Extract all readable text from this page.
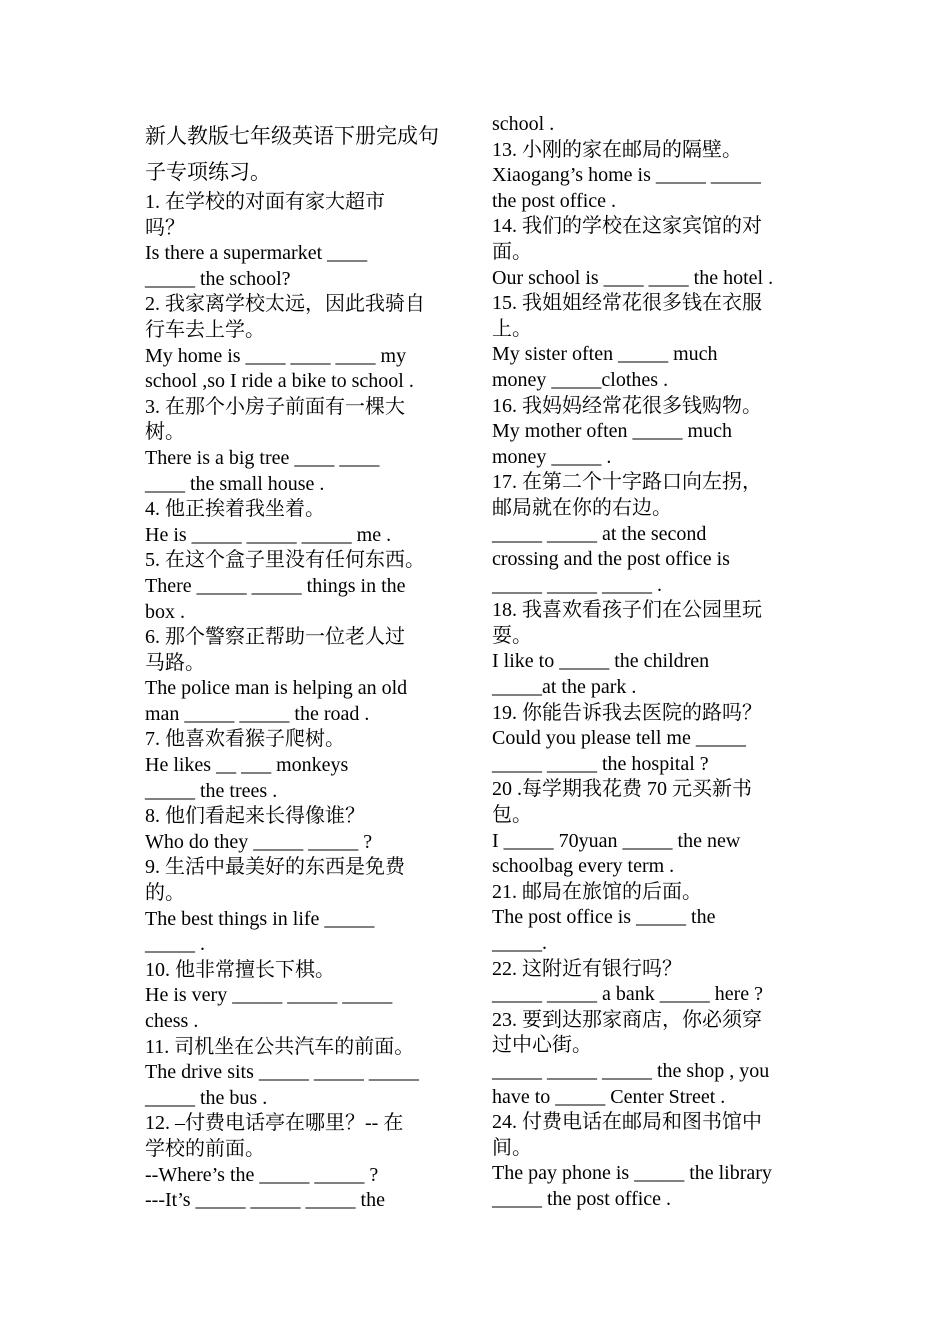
新人教版七年级英语下册完成句
子专项练习。
1. 在学校的对面有家大超市
吗？
Is there a supermarket ____
_____ the school?
2. 我家离学校太远，因此我骑自
行车去上学。
My home is ____ ____ ____ my
school ,so I ride a bike to school .
3. 在那个小房子前面有一棵大
树。
There is a big tree ____ ____
____ the small house .
4. 他正挨着我坐着。
He is _____ _____ _____ me .
5. 在这个盒子里没有任何东西。
There _____ _____ things in the
box .
6. 那个警察正帮助一位老人过
马路。
The police man is helping an old
man _____ _____ the road .
7. 他喜欢看猴子爬树。
He likes __ ___ monkeys
_____ the trees .
8. 他们看起来长得像谁？
Who do they _____ _____ ?
9. 生活中最美好的东西是免费
的。
The best things in life _____
_____ .
10. 他非常擅长下棋。
He is very _____ _____ _____
chess .
11. 司机坐在公共汽车的前面。
The drive sits _____ _____ _____
_____ the bus .
12. –付费电话亭在哪里？-- 在
学校的前面。
--Where’s the _____ _____ ?
---It’s _____ _____ _____ the
school .
13. 小刚的家在邮局的隔壁。
Xiaogang’s home is _____ _____
the post office .
14. 我们的学校在这家宾馆的对
面。
Our school is ____ ____ the hotel .
15. 我姐姐经常花很多钱在衣服
上。
My sister often _____ much
money _____clothes .
16. 我妈妈经常花很多钱购物。
My mother often _____ much
money _____ .
17. 在第二个十字路口向左拐，
邮局就在你的右边。
_____ _____ at the second
crossing and the post office is
_____ _____ _____ .
18. 我喜欢看孩子们在公园里玩
耍。
I like to _____ the children
_____at the park .
19. 你能告诉我去医院的路吗？
Could you please tell me _____
_____ _____ the hospital ?
20 .每学期我花费 70 元买新书
包。
I _____ 70yuan _____ the new
schoolbag every term .
21. 邮局在旅馆的后面。
The post office is _____ the
_____.
22. 这附近有银行吗？
_____ _____ a bank _____ here ?
23. 要到达那家商店，你必须穿
过中心街。
_____ _____ _____ the shop , you
have to _____ Center Street .
24. 付费电话在邮局和图书馆中
间。
The pay phone is _____ the library
_____ the post office .
